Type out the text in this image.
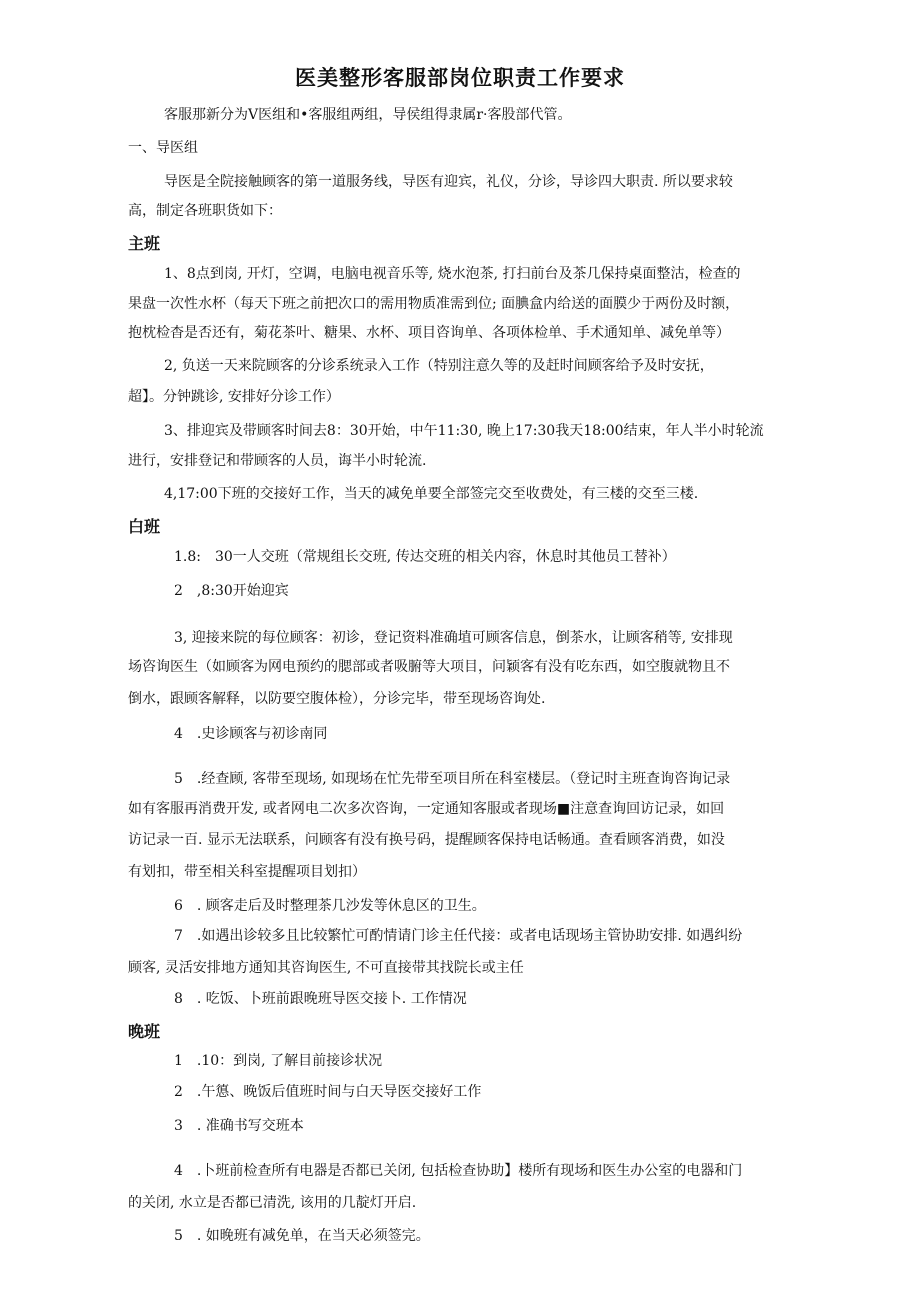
医美整形客服部岗位职责工作要求

客服那新分为V医组和•客服组两组，导侯组得隶属r·客股部代管。

一、导医组

导医是全院接触顾客的第一道服务线，导医有迎宾，礼仪，分诊，导诊四大职责. 所以要求较

高，制定各班职货如下：

主班

1、8点到岗, 开灯，空调，电脑电视音乐等, 烧水泡茶, 打扫前台及茶几保持桌面整沽，检查的

果盘一次性水杯（每天下班之前把次口的需用物质准需到位; 面腆盒内给送的面膜少于两份及时额，

抱枕检杳是否还有，菊花茶叶、糖果、水杯、项目咨询单、各项体检单、手术通知单、减免单等）

2, 负送一天来院顾客的分诊系统录入工作（特别注意久等的及赶时间顾客给予及时安抚，

超】。分钟跳诊, 安排好分诊工作）

3、排迎宾及带顾客时间去8：30开始，中午11:30, 晚上17:30我天18:00结束，年人半小时轮流

进行，安排登记和带顾客的人员，诲半小时轮流.

4,17:00下班的交接好工作，当天的减免单要全部签完交至收费处，有三楼的交至三楼.

白班

1.8:　30一人交班（常规组长交班, 传达交班的相关内容，休息时其他员工替补）

2　,8:30开始迎宾

3, 迎接来院的每位顾客：初诊，登记资料准确埴可顾客信息，倒茶水，让顾客稍等, 安排现

场咨询医生（如顾客为网电预约的腮部或者吸腑等大项目，问颖客有没有吃东西，如空腹就物且不

倒水，跟顾客解释，以防要空腹体检），分诊完毕，带至现场咨询处.

4　.史诊顾客与初诊南同

5　.经查顾, 客带至现场, 如现场在忙先带至项目所在科室楼层。（登记时主班查询咨询记录

如有客服再消费开发, 或者网电二次多次咨询，一定通知客服或者现场■注意查询回访记录，如回

访记录一百. 显示无法联系，问顾客有没有换号码，提醒顾客保持电话畅通。查看顾客消费，如没

有划扣，带至相关科室提醒项目划扣）

6　. 顾客走后及时整理茶几沙发等休息区的卫生。

7　.如遇出诊较多且比较繁忙可酌情请门诊主任代接：或者电话现场主管协助安排. 如遇纠纷

顾客, 灵活安排地方通知其咨询医生, 不可直接带其找院长或主任

8　. 吃饭、卜班前跟晚班导医交接卜. 工作情况

晚班

1　.10：到岗, 了解目前接诊状况

2　.午憄、晚饭后值班时间与白天导医交接好工作

3　. 准确书写交班本

4　.卜班前检查所有电器是否都已关闭, 包括检查协助】楼所有现场和医生办公室的电器和门

的关闭, 水立是否都已清洗, 该用的几靛灯开启.

5　. 如晚班有减免单，在当天必须签完。
